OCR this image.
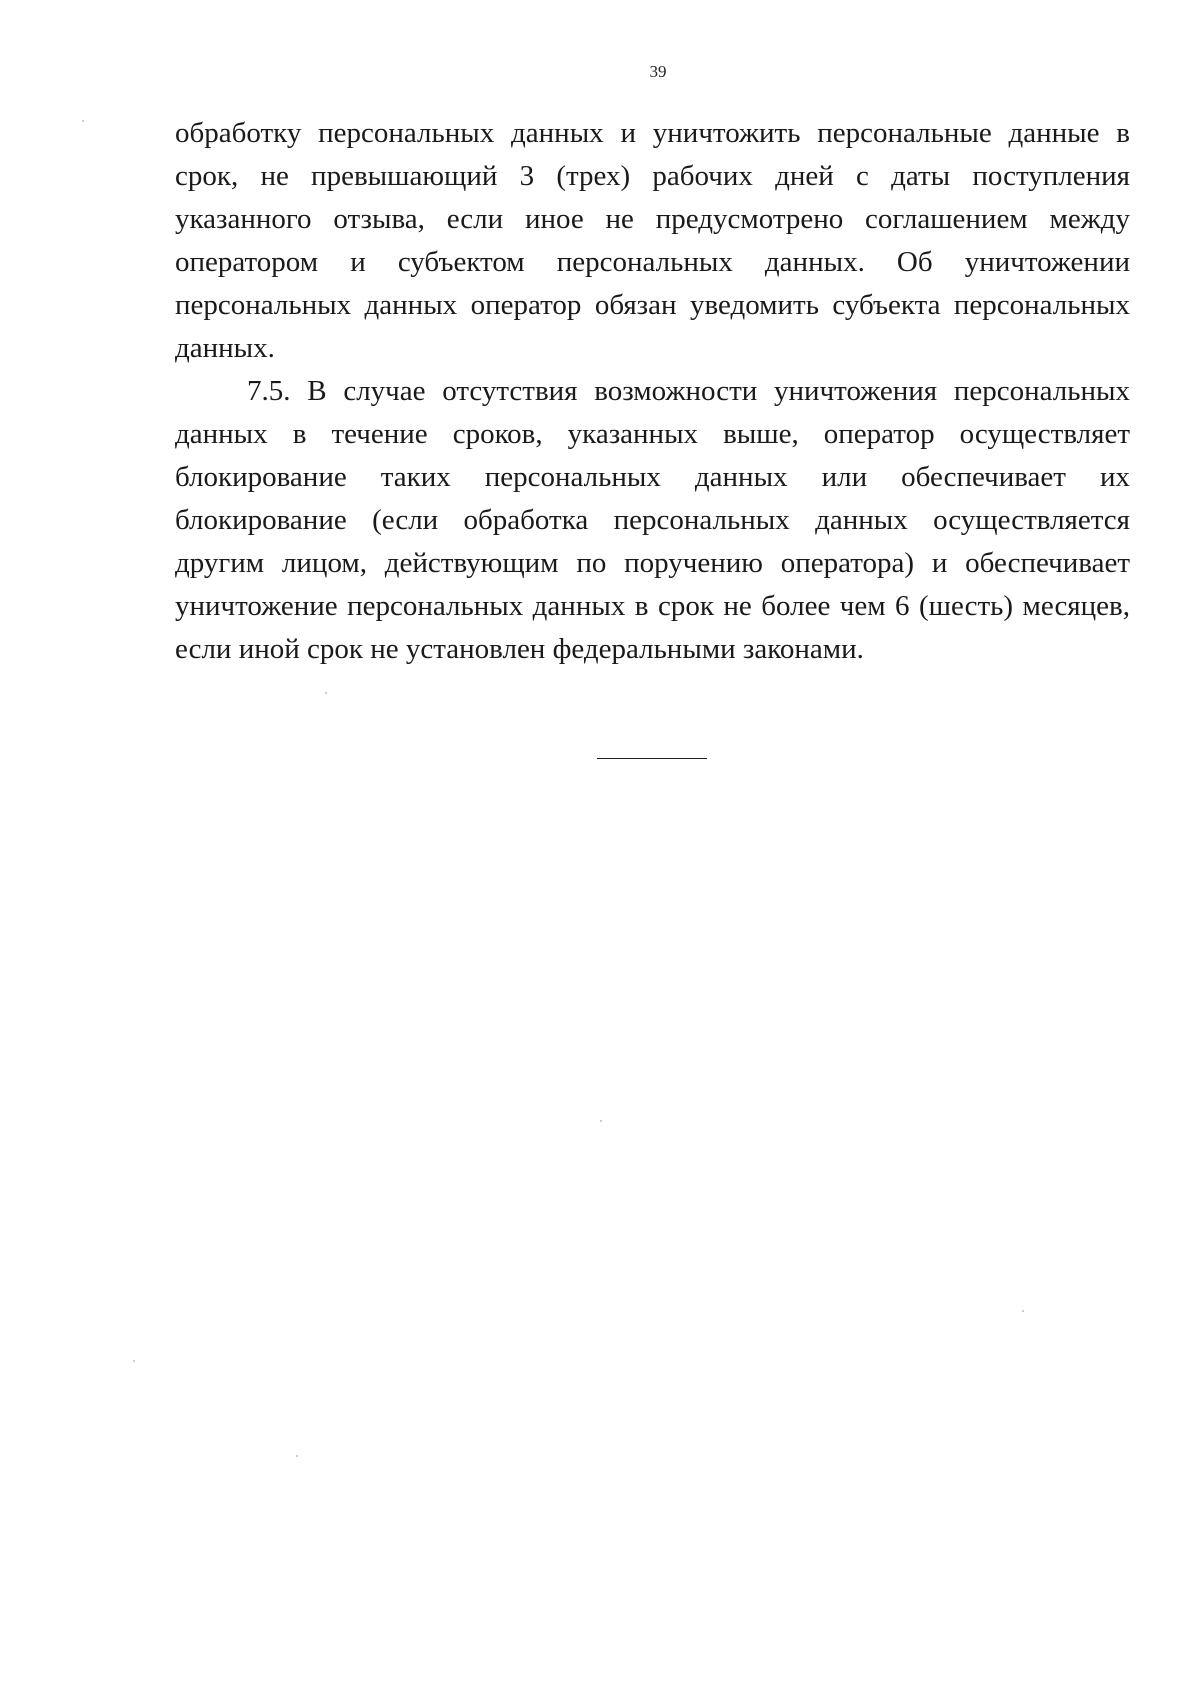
39

обработку персональных данных и уничтожить персональные данные в срок, не превышающий 3 (трех) рабочих дней с даты поступления указанного отзыва, если иное не предусмотрено соглашением между оператором и субъектом персональных данных. Об уничтожении персональных данных оператор обязан уведомить субъекта персональных данных.

7.5. В случае отсутствия возможности уничтожения персональных данных в течение сроков, указанных выше, оператор осуществляет блокирование таких персональных данных или обеспечивает их блокирование (если обработка персональных данных осуществляется другим лицом, действующим по поручению оператора) и обеспечивает уничтожение персональных данных в срок не более чем 6 (шесть) месяцев, если иной срок не установлен федеральными законами.
